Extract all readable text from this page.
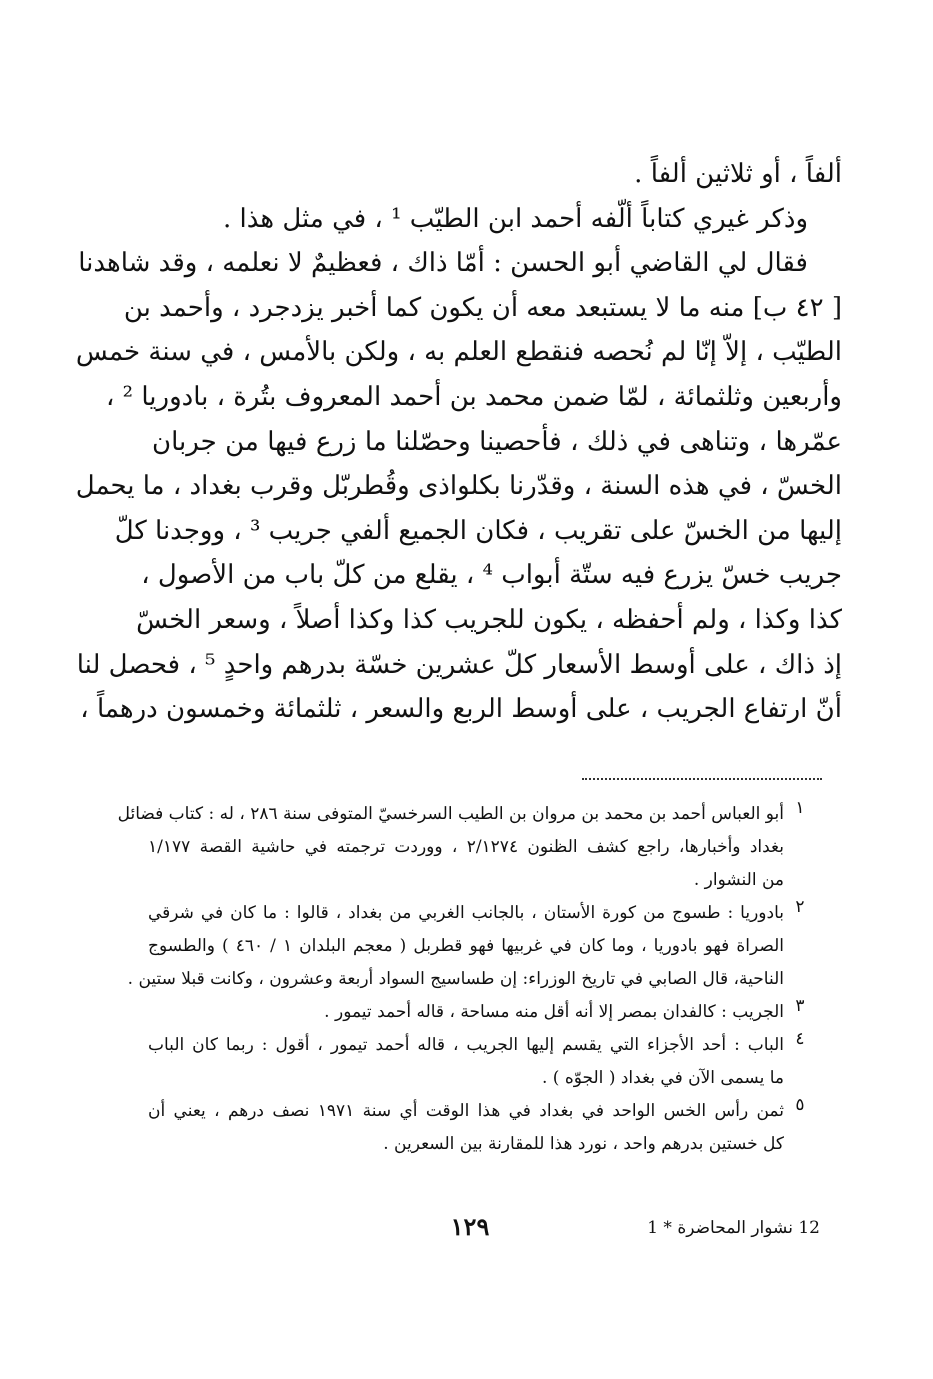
ألفاً ، أو ثلاثين ألفاً .
وذكر غيري كتاباً ألّفه أحمد ابن الطيّب ¹ ، في مثل هذا .
فقال لي القاضي أبو الحسن : أمّا ذاك ، فعظيمٌ لا نعلمه ، وقد شاهدنا
[ ٤٢ ب] منه ما لا يستبعد معه أن يكون كما أخبر يزدجرد ، وأحمد بن
الطيّب ، إلاّ إنّا لم نُحصه فنقطع العلم به ، ولكن بالأمس ، في سنة خمس
وأربعين وثلثمائة ، لمّا ضمن محمد بن أحمد المعروف بتُرة ، بادوريا ² ،
عمّرها ، وتناهى في ذلك ، فأحصينا وحصّلنا ما زرع فيها من جربان
الخسّ ، في هذه السنة ، وقدّرنا بكلواذى وقُطربّل وقرب بغداد ، ما يحمل
إليها من الخسّ على تقريب ، فكان الجميع ألفي جريب ³ ، ووجدنا كلّ
جريب خسّ يزرع فيه ستّة أبواب ⁴ ، يقلع من كلّ باب من الأصول ،
كذا وكذا ، ولم أحفظه ، يكون للجريب كذا وكذا أصلاً ، وسعر الخسّ
إذ ذاك ، على أوسط الأسعار كلّ عشرين خسّة بدرهم واحدٍ ⁵ ، فحصل لنا
أنّ ارتفاع الجريب ، على أوسط الربع والسعر ، ثلثمائة وخمسون درهماً ،
١
أبو العباس أحمد بن محمد بن مروان بن الطيب السرخسيّ المتوفى سنة ٢٨٦ ، له : كتاب فضائل
بغداد وأخبارها، راجع كشف الظنون ٢/١٢٧٤ ، ووردت ترجمته في حاشية القصة ١/١٧٧
من النشوار .
٢
بادوريا : طسوج من كورة الأستان ، بالجانب الغربي من بغداد ، قالوا : ما كان في شرقي
الصراة فهو بادوريا ، وما كان في غربيها فهو قطربل ( معجم البلدان ١ / ٤٦٠ ) والطسوج
الناحية، قال الصابي في تاريخ الوزراء: إن طساسيج السواد أربعة وعشرون ، وكانت قبلا ستين .
٣
الجريب : كالفدان بمصر إلا أنه أقل منه مساحة ، قاله أحمد تيمور .
٤
الباب : أحد الأجزاء التي يقسم إليها الجريب ، قاله أحمد تيمور ، أقول : ربما كان الباب
ما يسمى الآن في بغداد ( الجوّه ) .
٥
ثمن رأس الخس الواحد في بغداد في هذا الوقت أي سنة ١٩٧١ نصف درهم ، يعني أن
كل خستين بدرهم واحد ، نورد هذا للمقارنة بين السعرين .
١٢٩	12 نشوار المحاضرة * 1
